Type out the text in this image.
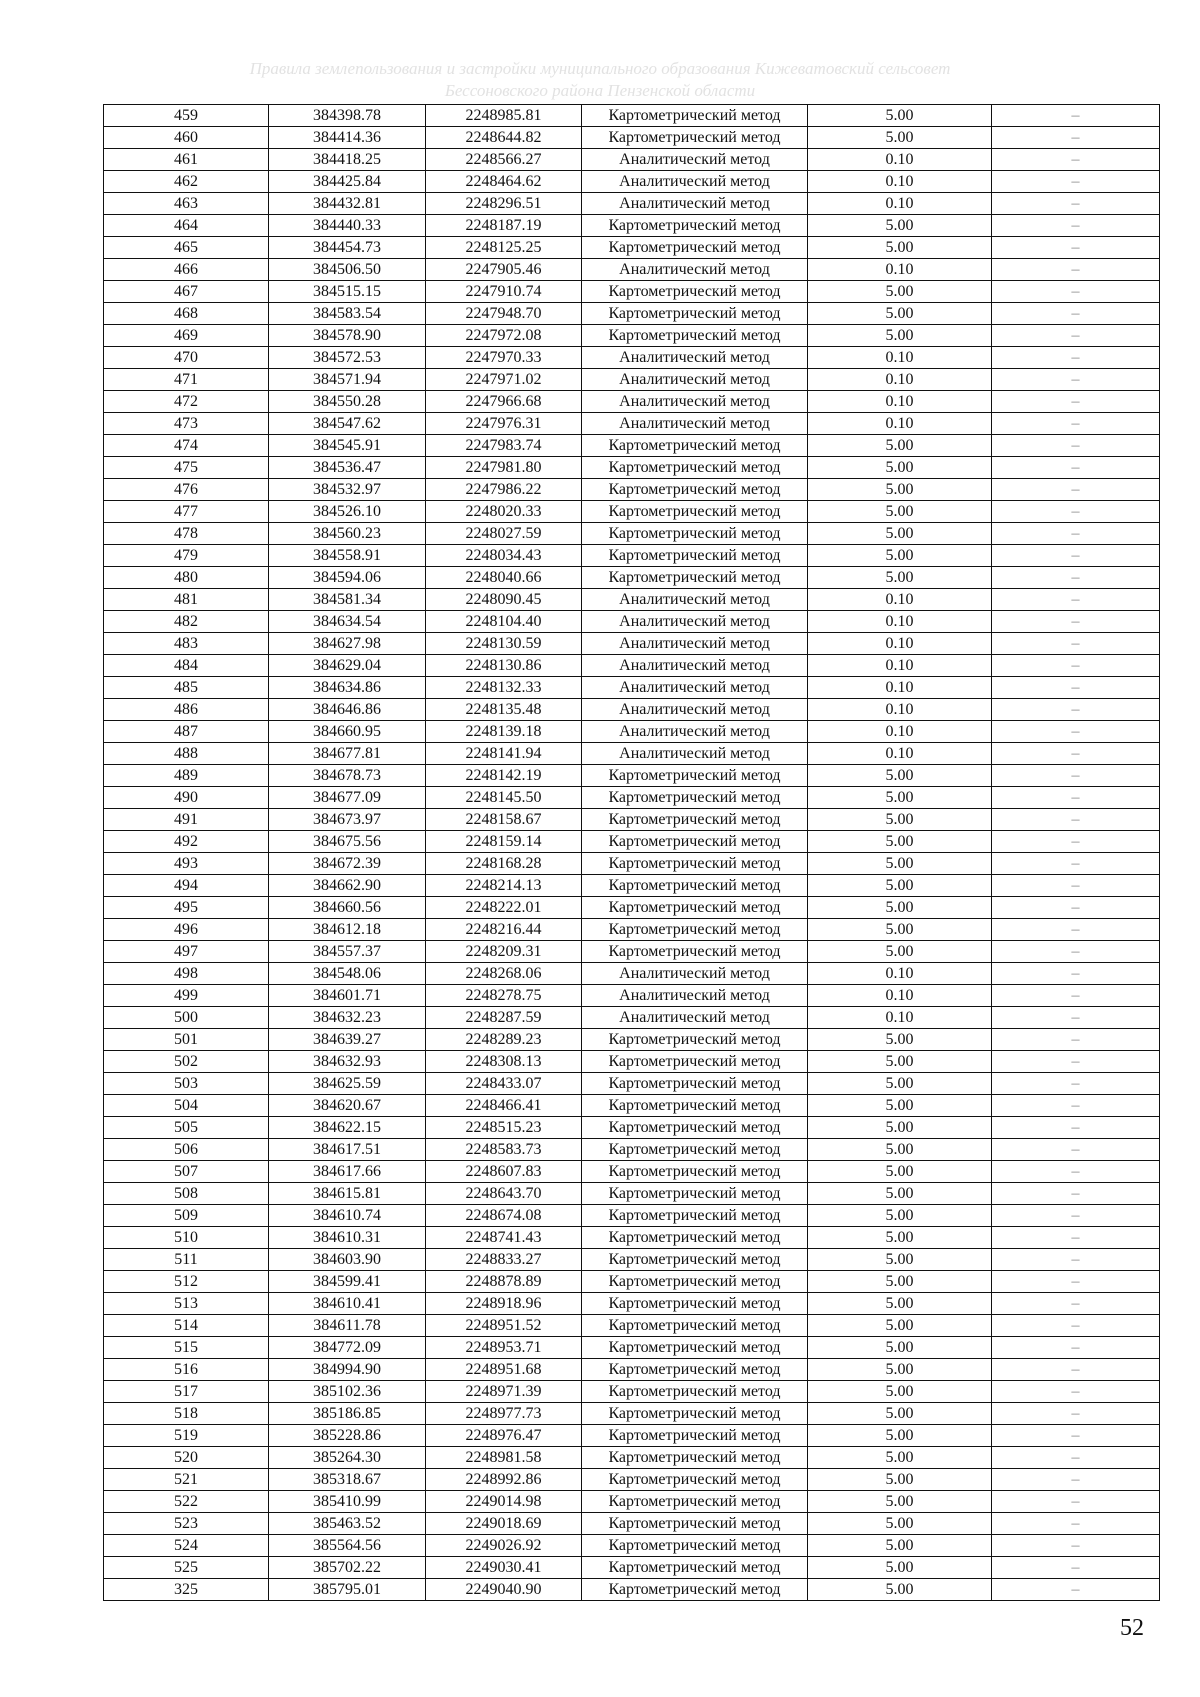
Правила землепользования и застройки муниципального образования Кижеватовский сельсовет
Бессоновского района Пензенской области
459	384398.78	2248985.81	Картометрический метод	5.00	–
460	384414.36	2248644.82	Картометрический метод	5.00	–
461	384418.25	2248566.27	Аналитический метод	0.10	–
462	384425.84	2248464.62	Аналитический метод	0.10	–
463	384432.81	2248296.51	Аналитический метод	0.10	–
464	384440.33	2248187.19	Картометрический метод	5.00	–
465	384454.73	2248125.25	Картометрический метод	5.00	–
466	384506.50	2247905.46	Аналитический метод	0.10	–
467	384515.15	2247910.74	Картометрический метод	5.00	–
468	384583.54	2247948.70	Картометрический метод	5.00	–
469	384578.90	2247972.08	Картометрический метод	5.00	–
470	384572.53	2247970.33	Аналитический метод	0.10	–
471	384571.94	2247971.02	Аналитический метод	0.10	–
472	384550.28	2247966.68	Аналитический метод	0.10	–
473	384547.62	2247976.31	Аналитический метод	0.10	–
474	384545.91	2247983.74	Картометрический метод	5.00	–
475	384536.47	2247981.80	Картометрический метод	5.00	–
476	384532.97	2247986.22	Картометрический метод	5.00	–
477	384526.10	2248020.33	Картометрический метод	5.00	–
478	384560.23	2248027.59	Картометрический метод	5.00	–
479	384558.91	2248034.43	Картометрический метод	5.00	–
480	384594.06	2248040.66	Картометрический метод	5.00	–
481	384581.34	2248090.45	Аналитический метод	0.10	–
482	384634.54	2248104.40	Аналитический метод	0.10	–
483	384627.98	2248130.59	Аналитический метод	0.10	–
484	384629.04	2248130.86	Аналитический метод	0.10	–
485	384634.86	2248132.33	Аналитический метод	0.10	–
486	384646.86	2248135.48	Аналитический метод	0.10	–
487	384660.95	2248139.18	Аналитический метод	0.10	–
488	384677.81	2248141.94	Аналитический метод	0.10	–
489	384678.73	2248142.19	Картометрический метод	5.00	–
490	384677.09	2248145.50	Картометрический метод	5.00	–
491	384673.97	2248158.67	Картометрический метод	5.00	–
492	384675.56	2248159.14	Картометрический метод	5.00	–
493	384672.39	2248168.28	Картометрический метод	5.00	–
494	384662.90	2248214.13	Картометрический метод	5.00	–
495	384660.56	2248222.01	Картометрический метод	5.00	–
496	384612.18	2248216.44	Картометрический метод	5.00	–
497	384557.37	2248209.31	Картометрический метод	5.00	–
498	384548.06	2248268.06	Аналитический метод	0.10	–
499	384601.71	2248278.75	Аналитический метод	0.10	–
500	384632.23	2248287.59	Аналитический метод	0.10	–
501	384639.27	2248289.23	Картометрический метод	5.00	–
502	384632.93	2248308.13	Картометрический метод	5.00	–
503	384625.59	2248433.07	Картометрический метод	5.00	–
504	384620.67	2248466.41	Картометрический метод	5.00	–
505	384622.15	2248515.23	Картометрический метод	5.00	–
506	384617.51	2248583.73	Картометрический метод	5.00	–
507	384617.66	2248607.83	Картометрический метод	5.00	–
508	384615.81	2248643.70	Картометрический метод	5.00	–
509	384610.74	2248674.08	Картометрический метод	5.00	–
510	384610.31	2248741.43	Картометрический метод	5.00	–
511	384603.90	2248833.27	Картометрический метод	5.00	–
512	384599.41	2248878.89	Картометрический метод	5.00	–
513	384610.41	2248918.96	Картометрический метод	5.00	–
514	384611.78	2248951.52	Картометрический метод	5.00	–
515	384772.09	2248953.71	Картометрический метод	5.00	–
516	384994.90	2248951.68	Картометрический метод	5.00	–
517	385102.36	2248971.39	Картометрический метод	5.00	–
518	385186.85	2248977.73	Картометрический метод	5.00	–
519	385228.86	2248976.47	Картометрический метод	5.00	–
520	385264.30	2248981.58	Картометрический метод	5.00	–
521	385318.67	2248992.86	Картометрический метод	5.00	–
522	385410.99	2249014.98	Картометрический метод	5.00	–
523	385463.52	2249018.69	Картометрический метод	5.00	–
524	385564.56	2249026.92	Картометрический метод	5.00	–
525	385702.22	2249030.41	Картометрический метод	5.00	–
325	385795.01	2249040.90	Картометрический метод	5.00	–
52
